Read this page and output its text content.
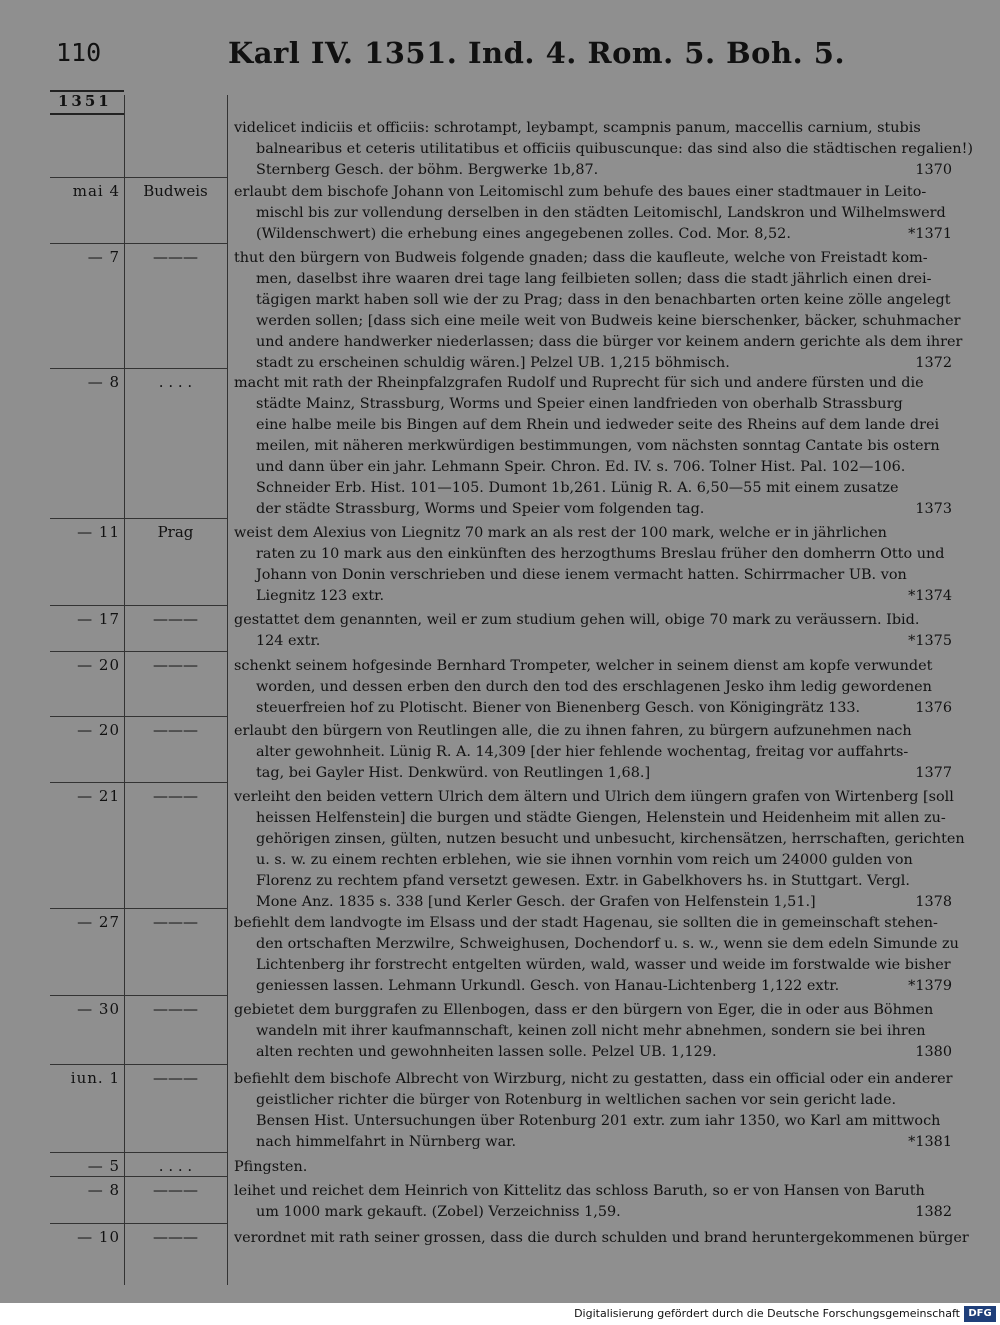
110	Karl IV. 1351. Ind. 4. Rom. 5. Boh. 5.
1351
videlicet indiciis et officiis: schrotampt, leybampt, scampnis panum, maccellis carnium, stubis
balnearibus et ceteris utilitatibus et officiis quibuscunque: das sind also die städtischen regalien!)
Sternberg Gesch. der böhm. Bergwerke 1b,87.	1370
mai 4	Budweis	erlaubt dem bischofe Johann von Leitomischl zum behufe des baues einer stadtmauer in Leito-
mischl bis zur vollendung derselben in den städten Leitomischl, Landskron und Wilhelmswerd
(Wildenschwert) die erhebung eines angegebenen zolles. Cod. Mor. 8,52.	*1371
— 7	———	thut den bürgern von Budweis folgende gnaden; dass die kaufleute, welche von Freistadt kom-
men, daselbst ihre waaren drei tage lang feilbieten sollen; dass die stadt jährlich einen drei-
tägigen markt haben soll wie der zu Prag; dass in den benachbarten orten keine zölle angelegt
werden sollen; [dass sich eine meile weit von Budweis keine bierschenker, bäcker, schuhmacher
und andere handwerker niederlassen; dass die bürger vor keinem andern gerichte als dem ihrer
stadt zu erscheinen schuldig wären.] Pelzel UB. 1,215 böhmisch.	1372
— 8	. . . .	macht mit rath der Rheinpfalzgrafen Rudolf und Ruprecht für sich und andere fürsten und die
städte Mainz, Strassburg, Worms und Speier einen landfrieden von oberhalb Strassburg
eine halbe meile bis Bingen auf dem Rhein und iedweder seite des Rheins auf dem lande drei
meilen, mit näheren merkwürdigen bestimmungen, vom nächsten sonntag Cantate bis ostern
und dann über ein jahr. Lehmann Speir. Chron. Ed. IV. s. 706. Tolner Hist. Pal. 102—106.
Schneider Erb. Hist. 101—105. Dumont 1b,261. Lünig R. A. 6,50—55 mit einem zusatze
der städte Strassburg, Worms und Speier vom folgenden tag.	1373
— 11	Prag	weist dem Alexius von Liegnitz 70 mark an als rest der 100 mark, welche er in jährlichen
raten zu 10 mark aus den einkünften des herzogthums Breslau früher den domherrn Otto und
Johann von Donin verschrieben und diese ienem vermacht hatten. Schirrmacher UB. von
Liegnitz 123 extr.	*1374
— 17	———	gestattet dem genannten, weil er zum studium gehen will, obige 70 mark zu veräussern. Ibid.
124 extr.	*1375
— 20	———	schenkt seinem hofgesinde Bernhard Trompeter, welcher in seinem dienst am kopfe verwundet
worden, und dessen erben den durch den tod des erschlagenen Jesko ihm ledig gewordenen
steuerfreien hof zu Plotischt. Biener von Bienenberg Gesch. von Königingrätz 133.	1376
— 20	———	erlaubt den bürgern von Reutlingen alle, die zu ihnen fahren, zu bürgern aufzunehmen nach
alter gewohnheit. Lünig R. A. 14,309 [der hier fehlende wochentag, freitag vor auffahrts-
tag, bei Gayler Hist. Denkwürd. von Reutlingen 1,68.]	1377
— 21	———	verleiht den beiden vettern Ulrich dem ältern und Ulrich dem iüngern grafen von Wirtenberg [soll
heissen Helfenstein] die burgen und städte Giengen, Helenstein und Heidenheim mit allen zu-
gehörigen zinsen, gülten, nutzen besucht und unbesucht, kirchensätzen, herrschaften, gerichten
u. s. w. zu einem rechten erblehen, wie sie ihnen vornhin vom reich um 24000 gulden von
Florenz zu rechtem pfand versetzt gewesen. Extr. in Gabelkhovers hs. in Stuttgart. Vergl.
Mone Anz. 1835 s. 338 [und Kerler Gesch. der Grafen von Helfenstein 1,51.]	1378
— 27	———	befiehlt dem landvogte im Elsass und der stadt Hagenau, sie sollten die in gemeinschaft stehen-
den ortschaften Merzwilre, Schweighusen, Dochendorf u. s. w., wenn sie dem edeln Simunde zu
Lichtenberg ihr forstrecht entgelten würden, wald, wasser und weide im forstwalde wie bisher
geniessen lassen. Lehmann Urkundl. Gesch. von Hanau-Lichtenberg 1,122 extr.	*1379
— 30	———	gebietet dem burggrafen zu Ellenbogen, dass er den bürgern von Eger, die in oder aus Böhmen
wandeln mit ihrer kaufmannschaft, keinen zoll nicht mehr abnehmen, sondern sie bei ihren
alten rechten und gewohnheiten lassen solle. Pelzel UB. 1,129.	1380
iun. 1	———	befiehlt dem bischofe Albrecht von Wirzburg, nicht zu gestatten, dass ein official oder ein anderer
geistlicher richter die bürger von Rotenburg in weltlichen sachen vor sein gericht lade.
Bensen Hist. Untersuchungen über Rotenburg 201 extr. zum iahr 1350, wo Karl am mittwoch
nach himmelfahrt in Nürnberg war.	*1381
— 5	. . . .	Pfingsten.
— 8	———	leihet und reichet dem Heinrich von Kittelitz das schloss Baruth, so er von Hansen von Baruth
um 1000 mark gekauft. (Zobel) Verzeichniss 1,59.	1382
— 10	———	verordnet mit rath seiner grossen, dass die durch schulden und brand heruntergekommenen bürger
Digitalisierung gefördert durch die Deutsche Forschungsgemeinschaft DFG
